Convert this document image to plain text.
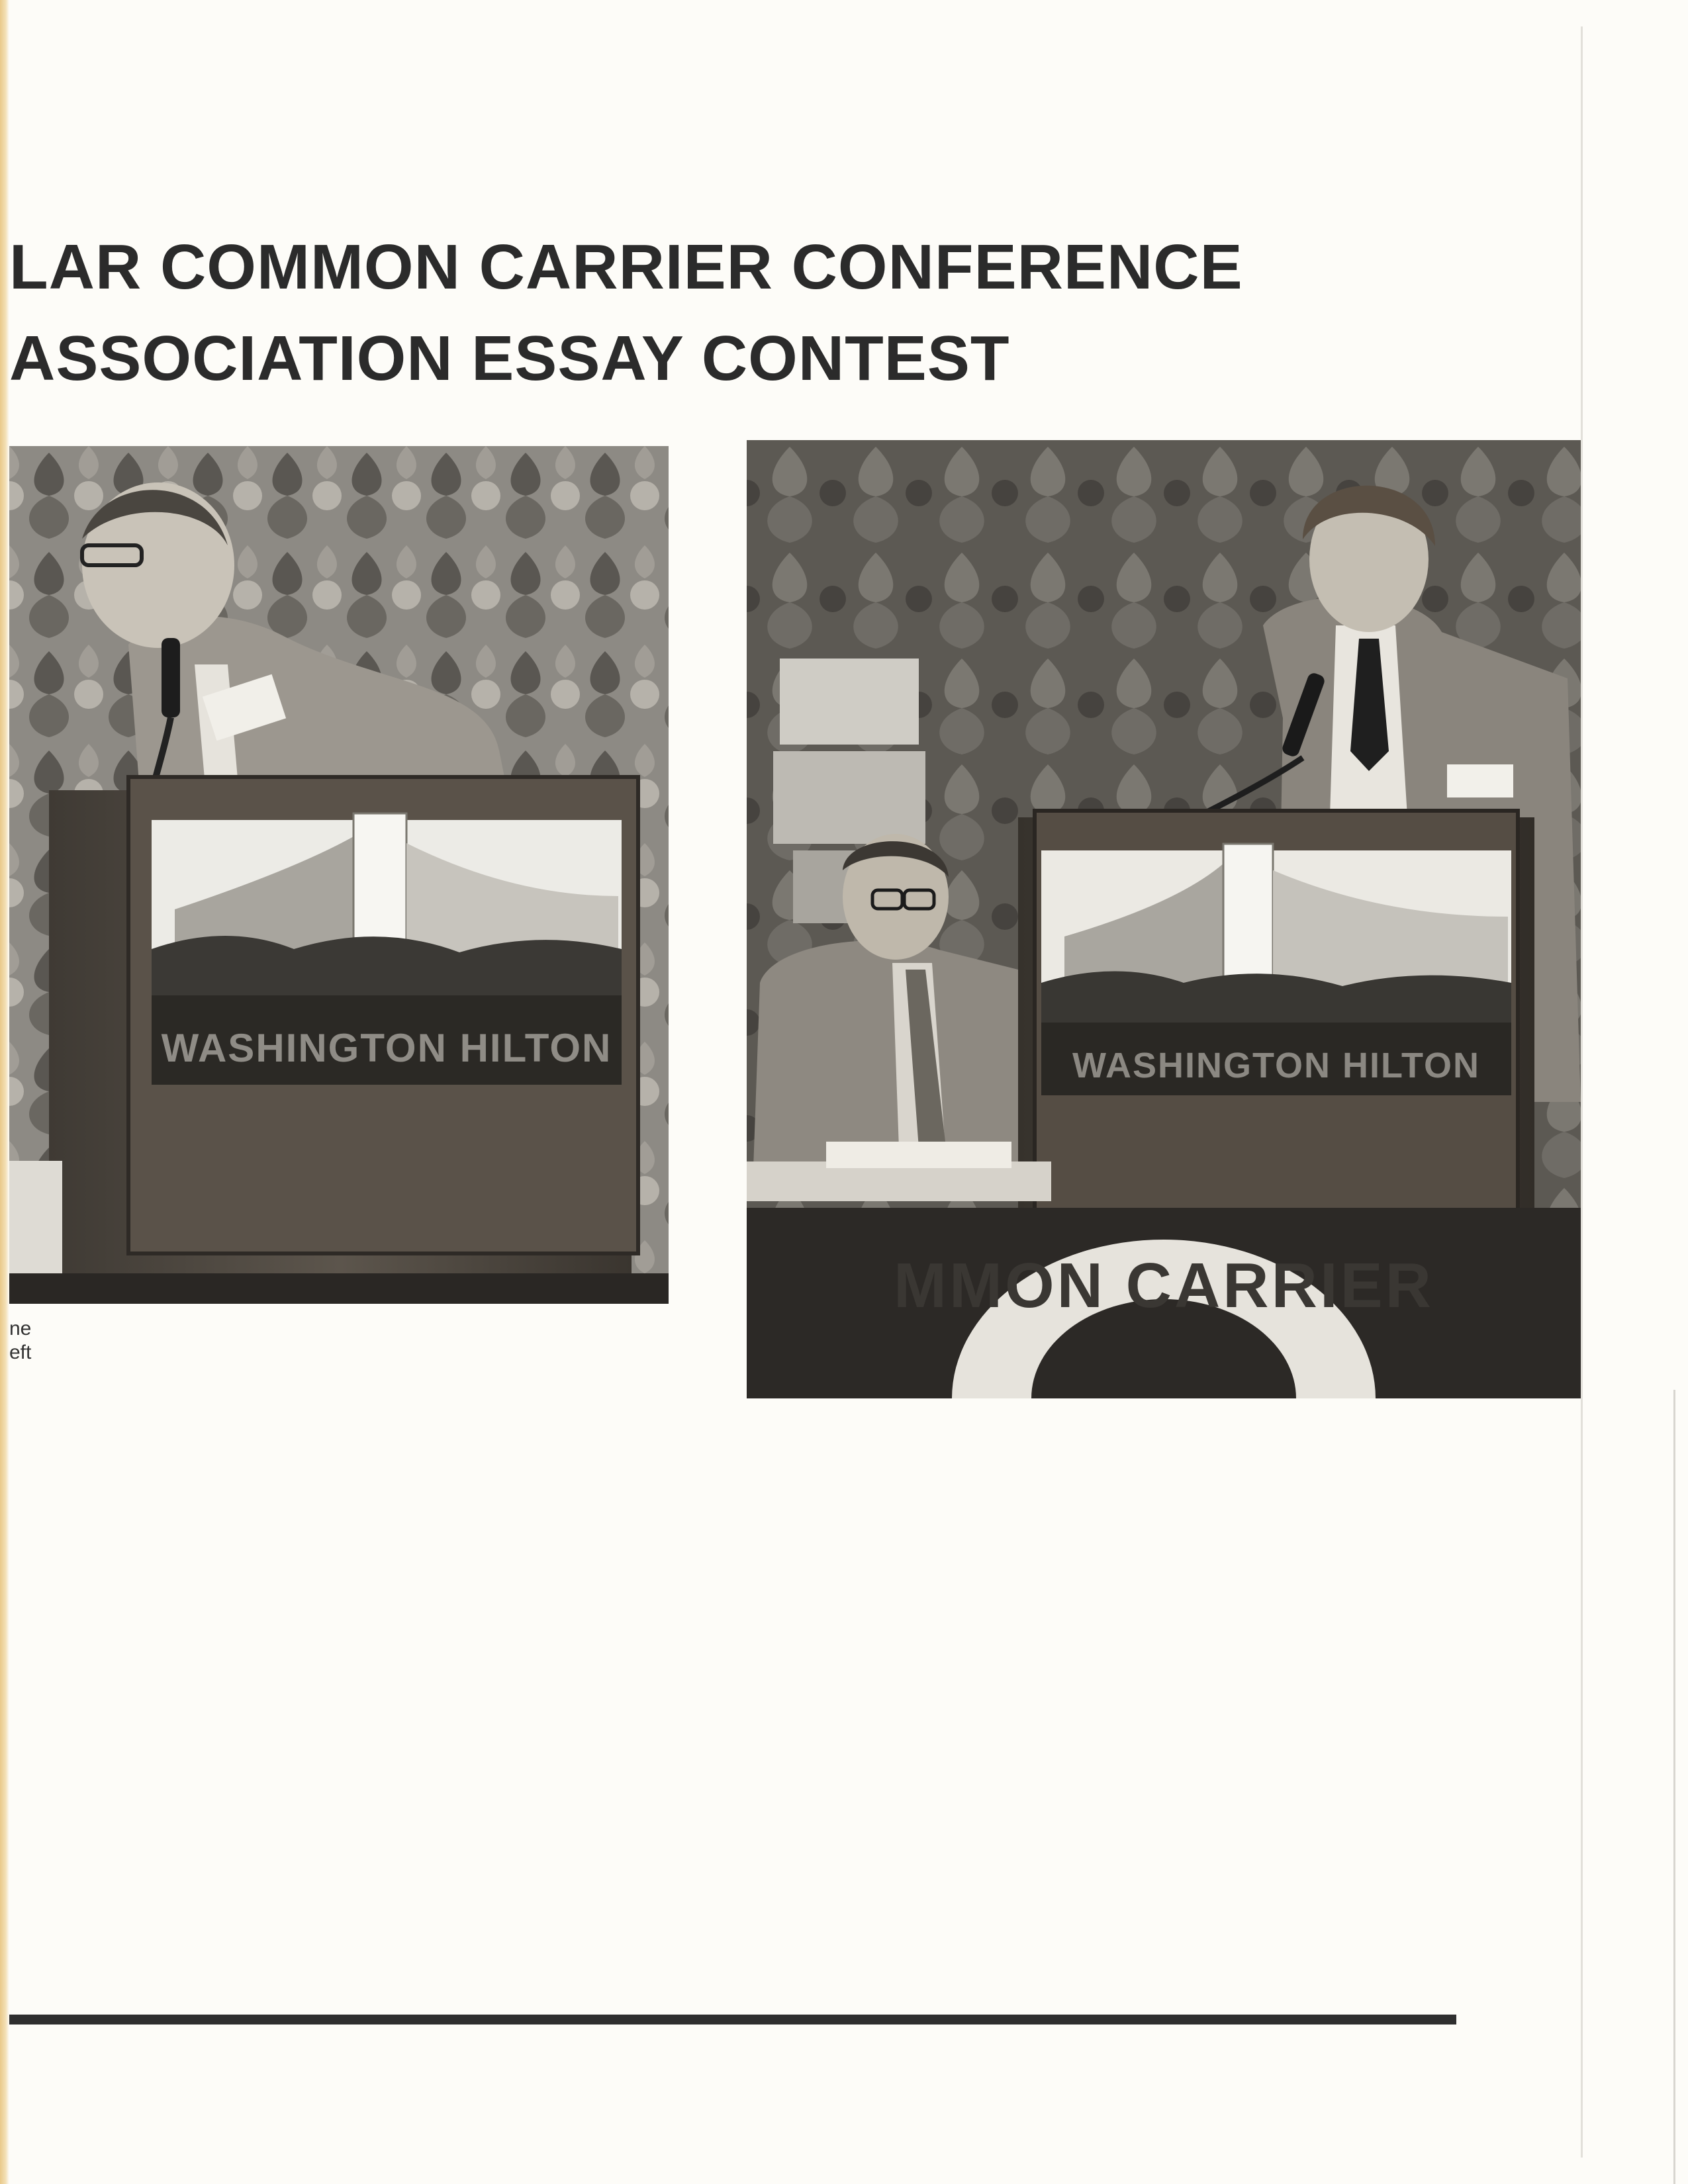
LAR COMMON CARRIER CONFERENCE
ASSOCIATION ESSAY CONTEST
WASHINGTON HILTON
ne
eft
WASHINGTON HILTON
MMON CARRIER
